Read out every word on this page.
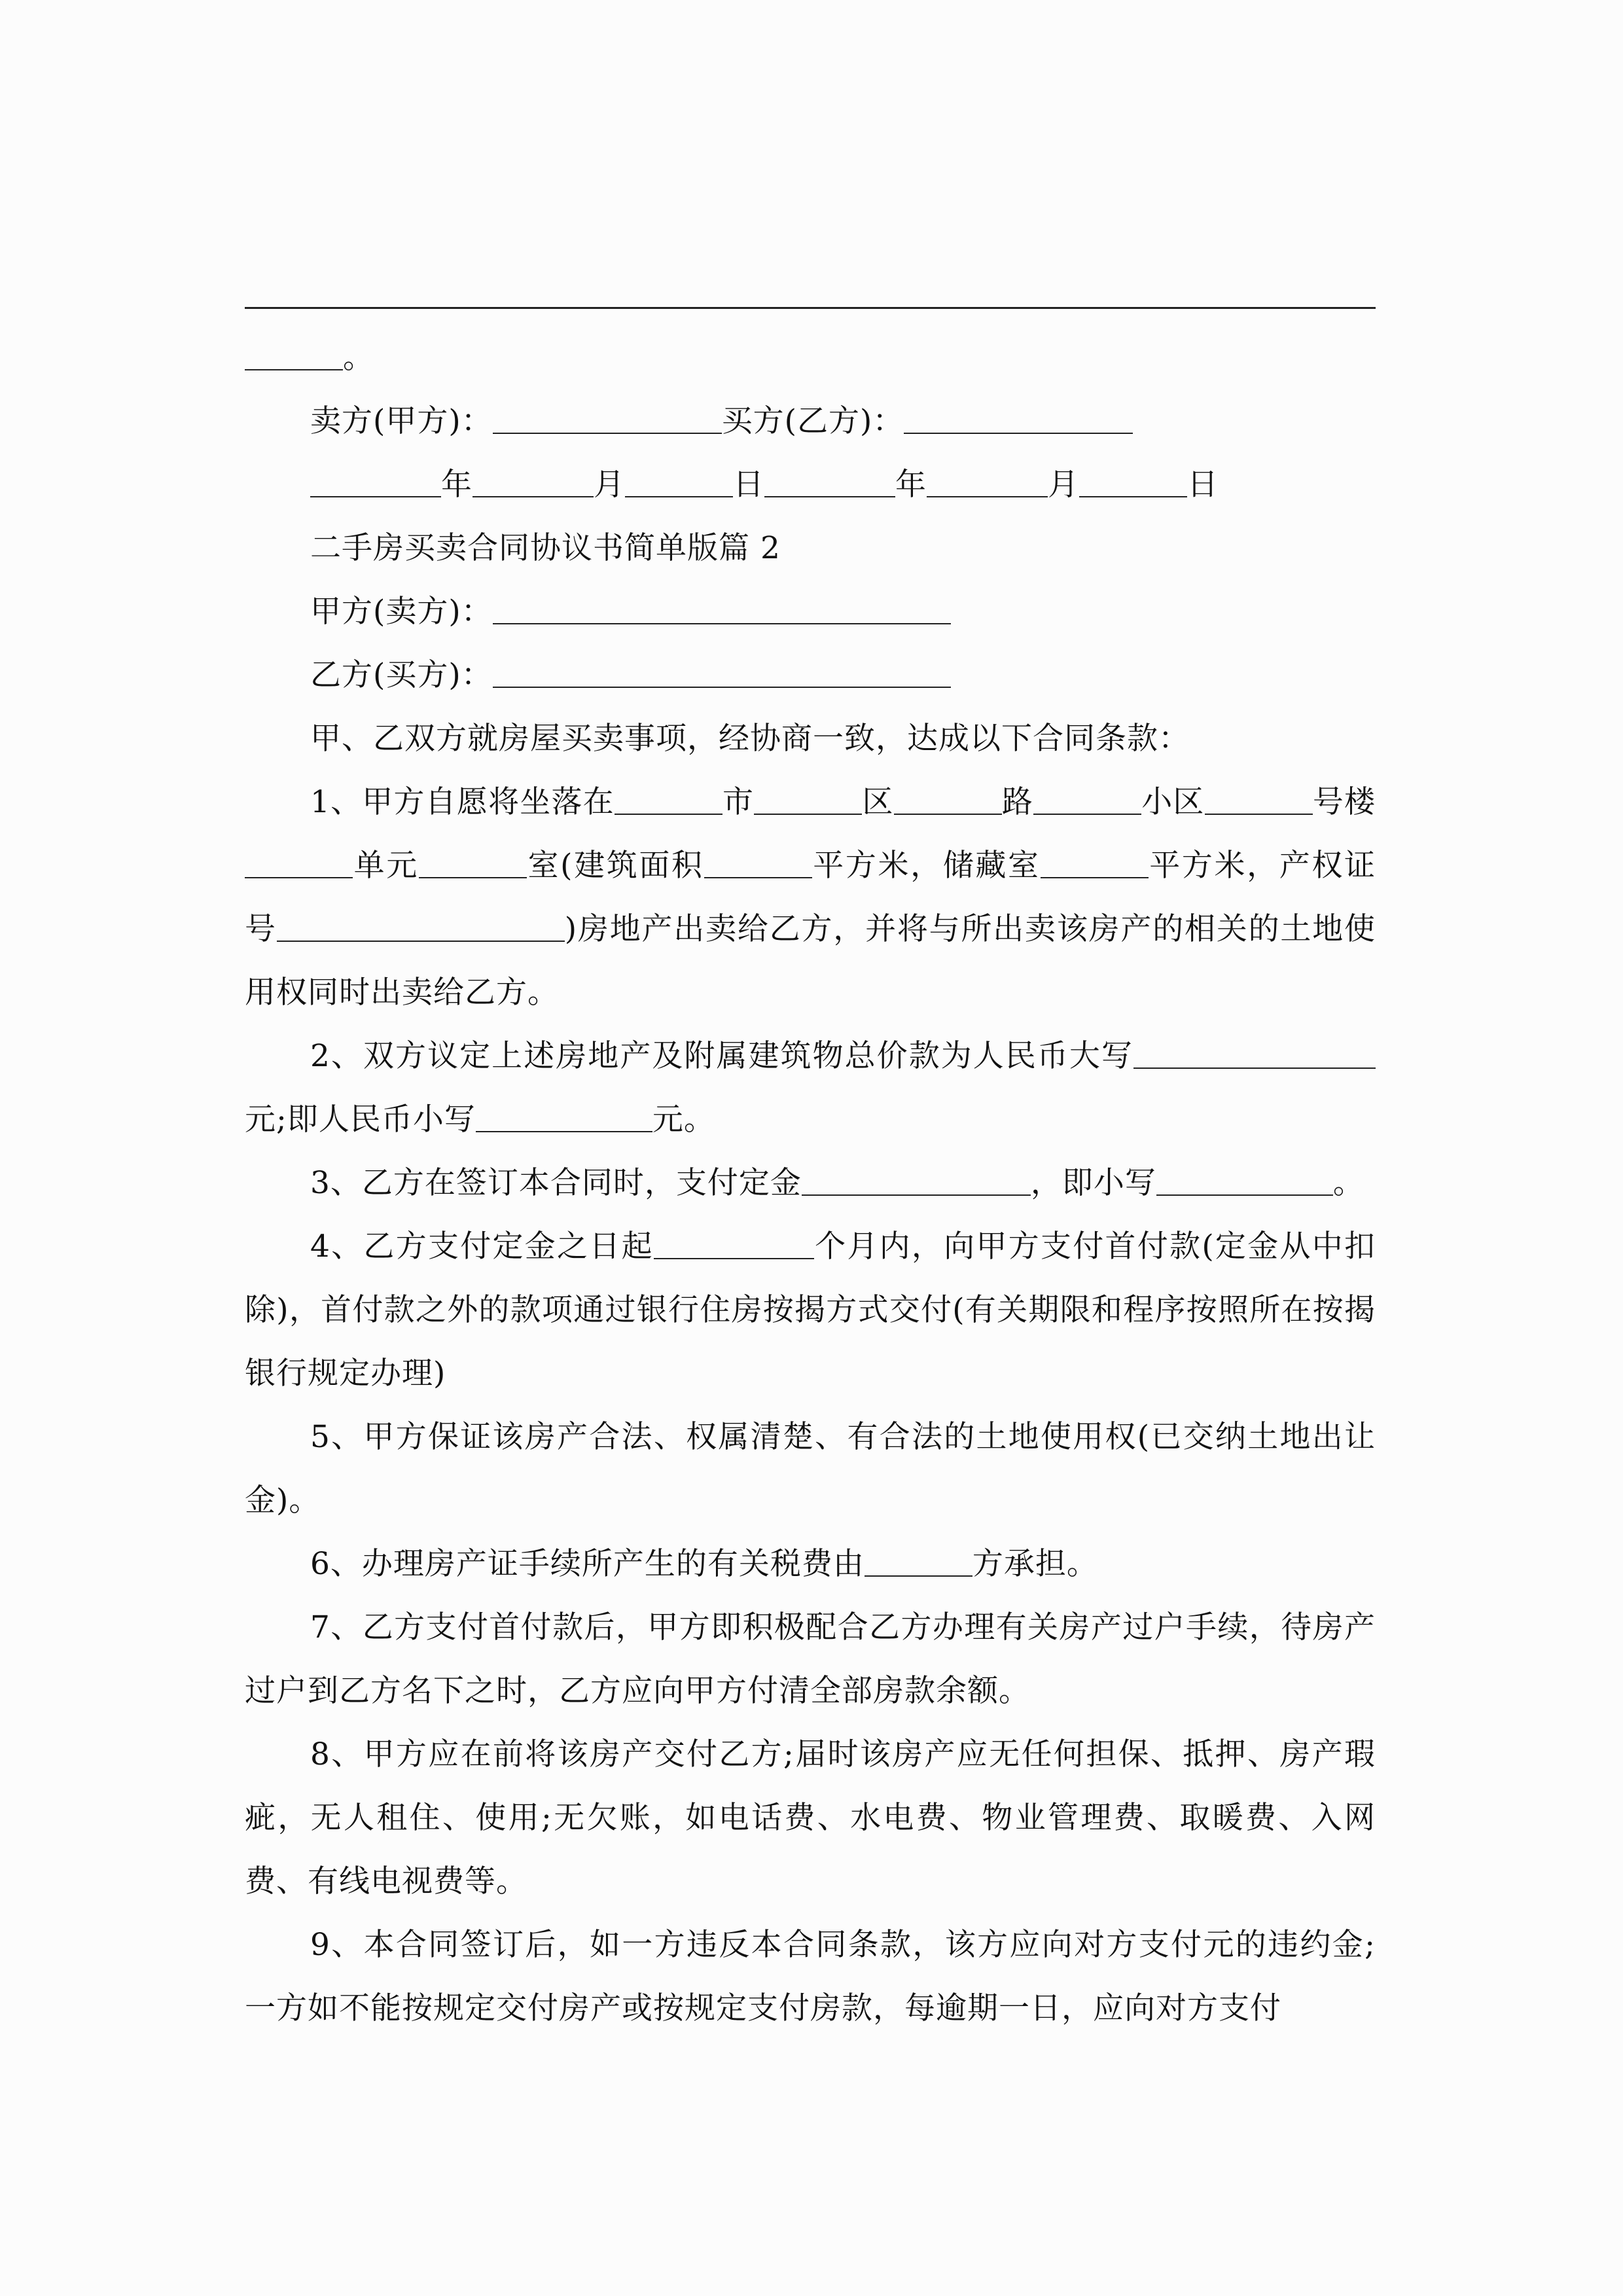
。

卖方(甲方)：	买方(乙方)：

年	月	日	年	月	日

二手房买卖合同协议书简单版篇 2

甲方(卖方)：

乙方(买方)：

甲、乙双方就房屋买卖事项，经协商一致，达成以下合同条款：

1、甲方自愿将坐落在	市	区	路	小区	号楼单元	室(建筑面积	平方米，储藏室	平方米，产权证号	)房地产出卖给乙方，并将与所出卖该房产的相关的土地使用权同时出卖给乙方。

2、双方议定上述房地产及附属建筑物总价款为人民币大写元;即人民币小写	元。

3、乙方在签订本合同时，支付定金	，即小写	。

4、乙方支付定金之日起	个月内，向甲方支付首付款(定金从中扣除)，首付款之外的款项通过银行住房按揭方式交付(有关期限和程序按照所在按揭银行规定办理)

5、甲方保证该房产合法、权属清楚、有合法的土地使用权(已交纳土地出让金)。

6、办理房产证手续所产生的有关税费由	方承担。

7、乙方支付首付款后，甲方即积极配合乙方办理有关房产过户手续，待房产过户到乙方名下之时，乙方应向甲方付清全部房款余额。

8、甲方应在前将该房产交付乙方;届时该房产应无任何担保、抵押、房产瑕疵，无人租住、使用;无欠账，如电话费、水电费、物业管理费、取暖费、入网费、有线电视费等。

9、本合同签订后，如一方违反本合同条款，该方应向对方支付元的违约金;一方如不能按规定交付房产或按规定支付房款，每逾期一日，应向对方支付
